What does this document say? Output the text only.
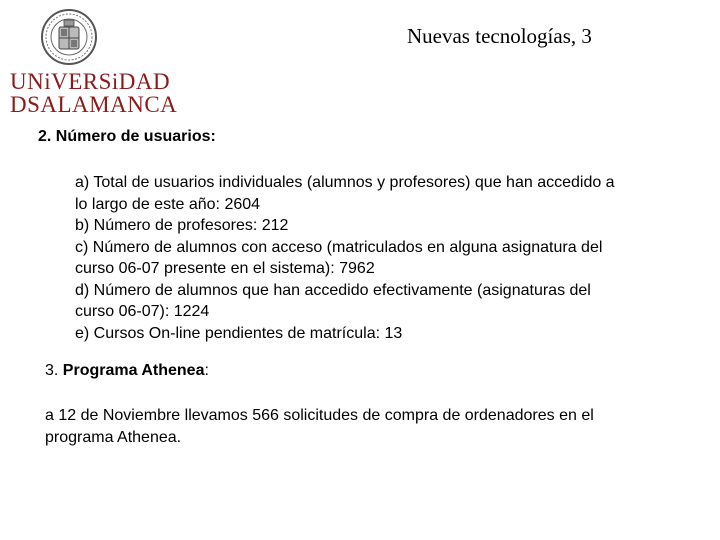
UNiVERSiDAD
DSALAMANCA
Nuevas tecnologías, 3
2. Número de usuarios:
a) Total de usuarios individuales (alumnos y profesores) que han accedido a
lo largo de este año: 2604
b) Número de profesores: 212
c) Número de alumnos con acceso (matriculados en alguna asignatura del
curso 06-07 presente en el sistema): 7962
d) Número de alumnos que han accedido efectivamente (asignaturas del
curso 06-07): 1224
e) Cursos On-line pendientes de matrícula: 13
3. Programa Athenea:
a 12 de Noviembre llevamos 566 solicitudes de compra de ordenadores en el
programa Athenea.
